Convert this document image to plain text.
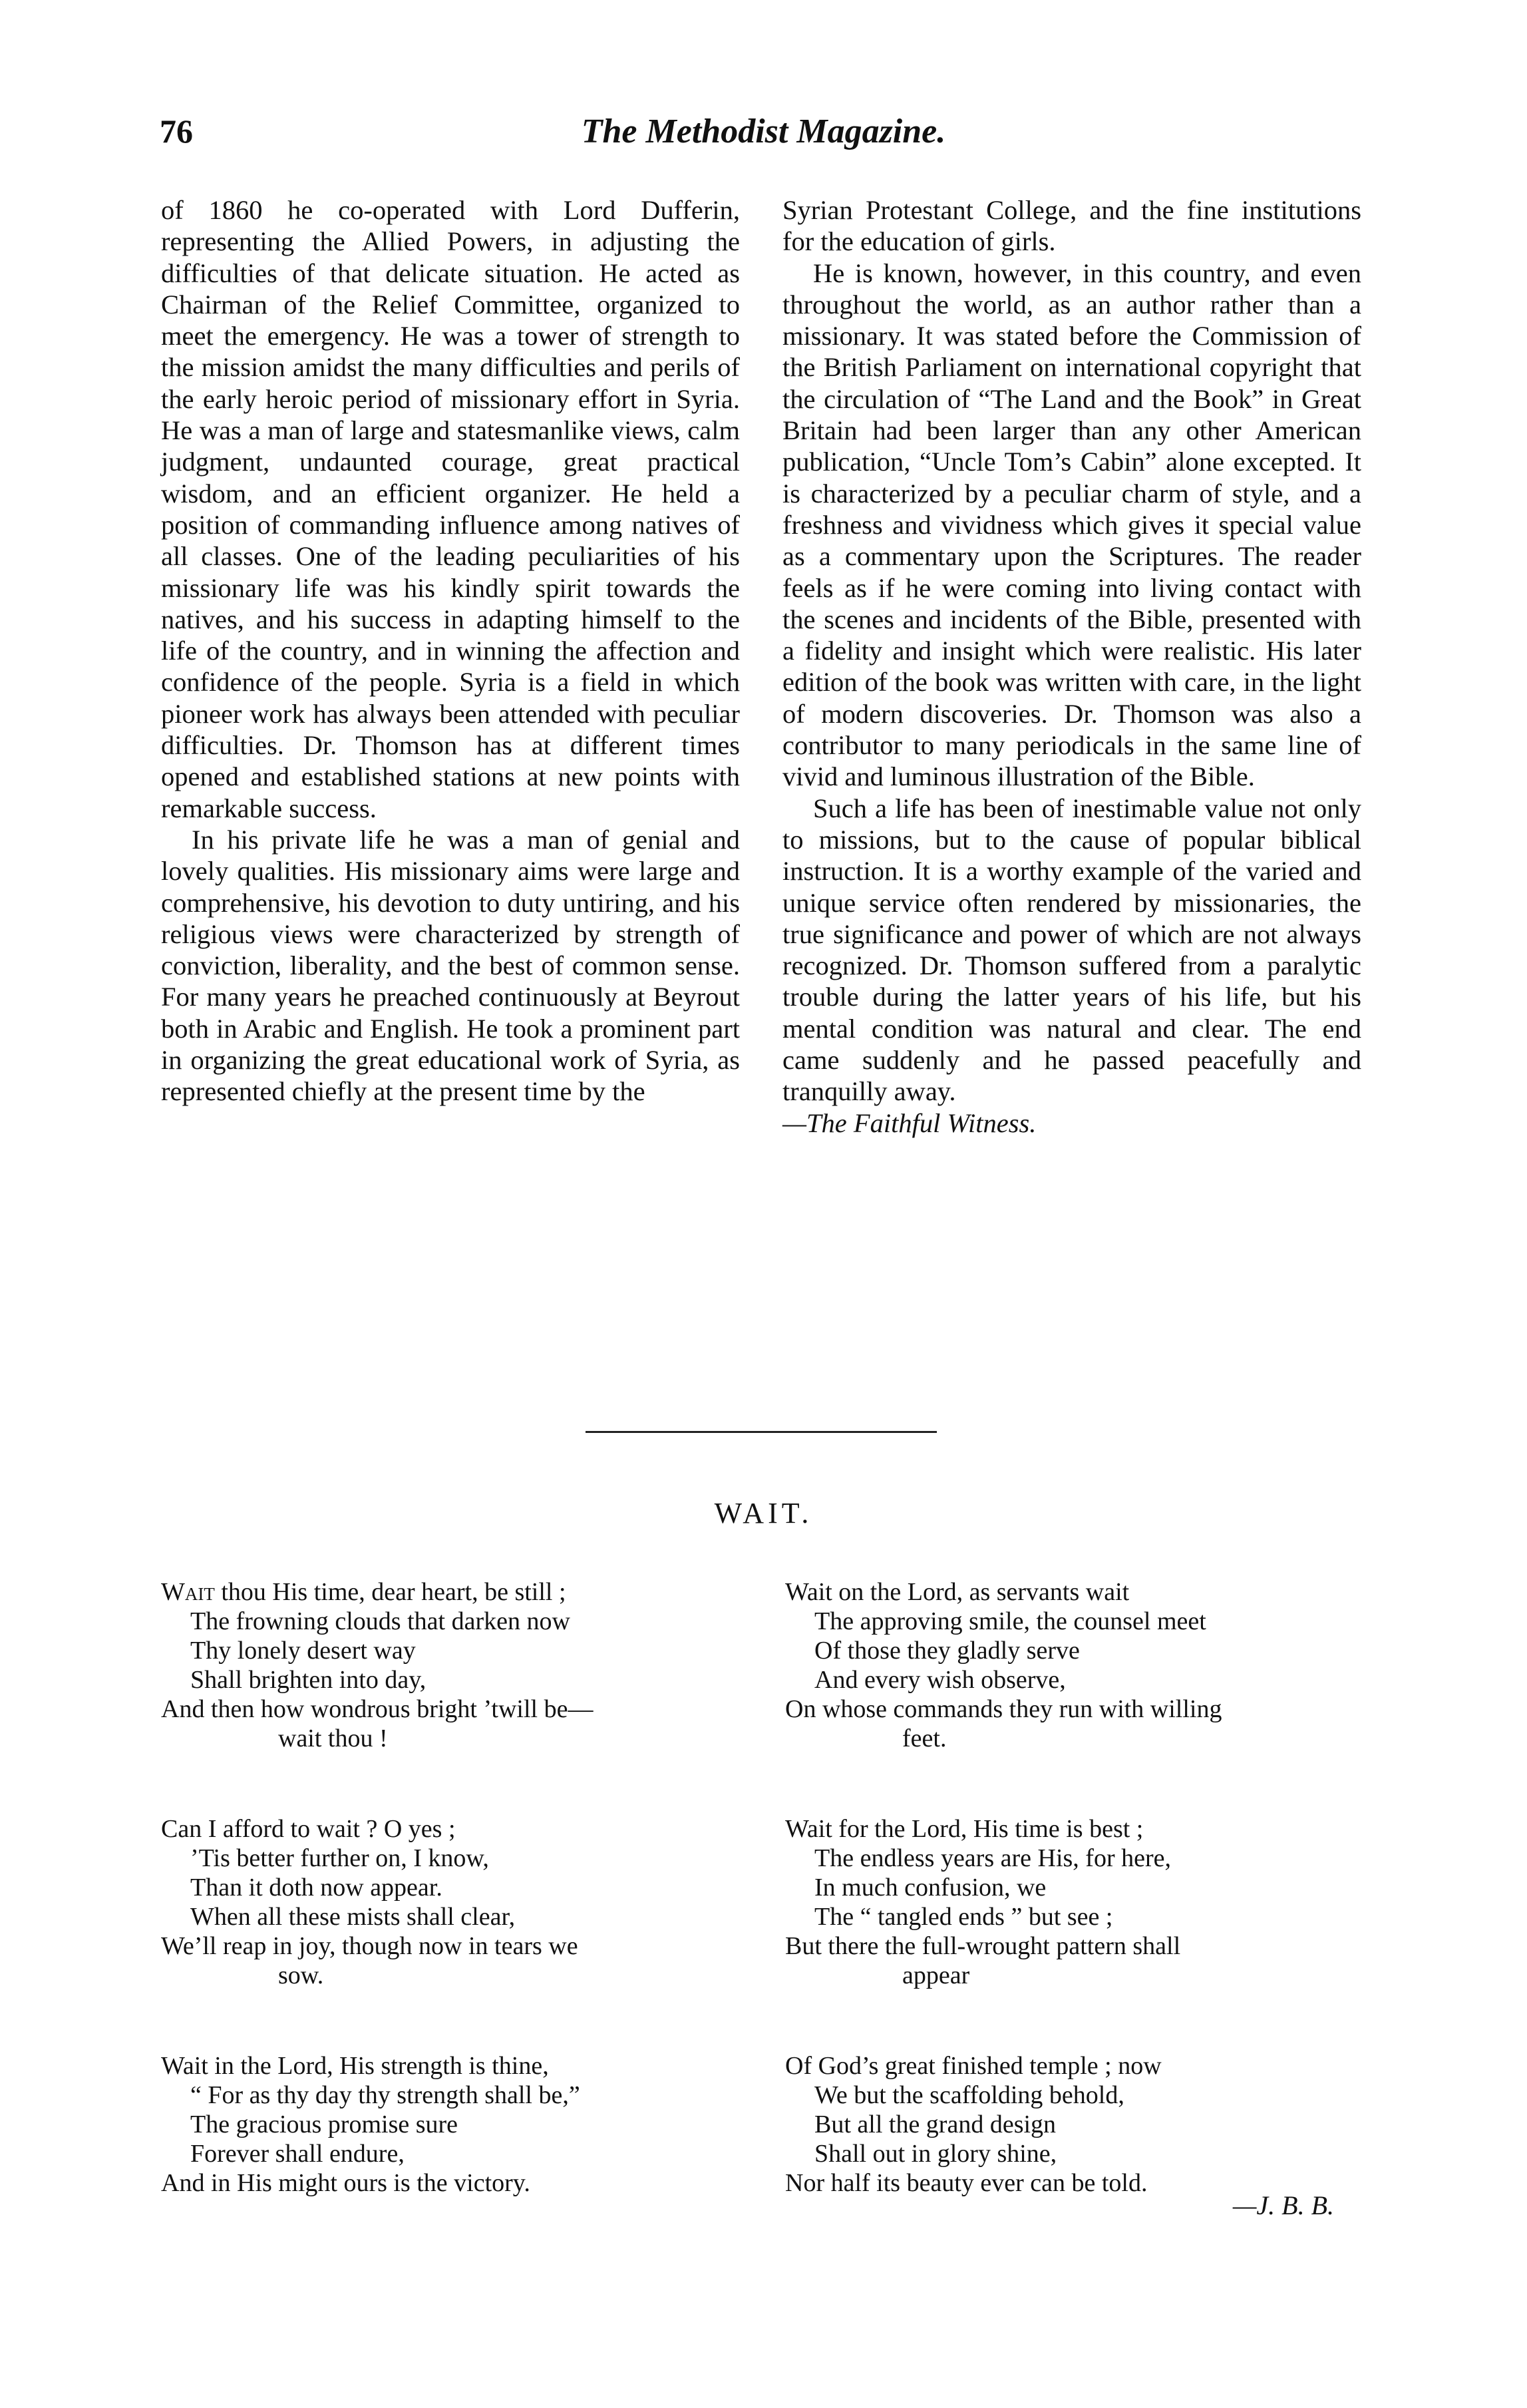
76	The Methodist Magazine.

of 1860 he co-operated with Lord Dufferin, representing the Allied Powers, in adjusting the difficulties of that delicate situation. He acted as Chairman of the Relief Committee, organized to meet the emergency. He was a tower of strength to the mission amidst the many difficulties and perils of the early heroic period of missionary effort in Syria. He was a man of large and statesmanlike views, calm judgment, undaunted courage, great practical wisdom, and an efficient organizer. He held a position of commanding influence among natives of all classes. One of the leading peculiarities of his missionary life was his kindly spirit towards the natives, and his success in adapting himself to the life of the country, and in winning the affection and confidence of the people. Syria is a field in which pioneer work has always been attended with peculiar difficulties. Dr. Thomson has at different times opened and established stations at new points with remarkable success.

In his private life he was a man of genial and lovely qualities. His missionary aims were large and comprehensive, his devotion to duty untiring, and his religious views were characterized by strength of conviction, liberality, and the best of common sense. For many years he preached continuously at Beyrout both in Arabic and English. He took a prominent part in organizing the great educational work of Syria, as represented chiefly at the present time by the

Syrian Protestant College, and the fine institutions for the education of girls.

He is known, however, in this country, and even throughout the world, as an author rather than a missionary. It was stated before the Commission of the British Parliament on international copyright that the circulation of “The Land and the Book” in Great Britain had been larger than any other American publication, “Uncle Tom’s Cabin” alone excepted. It is characterized by a peculiar charm of style, and a freshness and vividness which gives it special value as a commentary upon the Scriptures. The reader feels as if he were coming into living contact with the scenes and incidents of the Bible, presented with a fidelity and insight which were realistic. His later edition of the book was written with care, in the light of modern discoveries. Dr. Thomson was also a contributor to many periodicals in the same line of vivid and luminous illustration of the Bible.

Such a life has been of inestimable value not only to missions, but to the cause of popular biblical instruction. It is a worthy example of the varied and unique service often rendered by missionaries, the true significance and power of which are not always recognized. Dr. Thomson suffered from a paralytic trouble during the latter years of his life, but his mental condition was natural and clear. The end came suddenly and he passed peacefully and tranquilly away.
—The Faithful Witness.

WAIT.
Wait thou His time, dear heart, be still ;
The frowning clouds that darken now
Thy lonely desert way
Shall brighten into day,
And then how wondrous bright ’twill be—
wait thou !
Can I afford to wait ? O yes ;
’Tis better further on, I know,
Than it doth now appear.
When all these mists shall clear,
We’ll reap in joy, though now in tears we
sow.
Wait in the Lord, His strength is thine,
“ For as thy day thy strength shall be,”
The gracious promise sure
Forever shall endure,
And in His might ours is the victory.
Wait on the Lord, as servants wait
The approving smile, the counsel meet
Of those they gladly serve
And every wish observe,
On whose commands they run with willing
feet.
Wait for the Lord, His time is best ;
The endless years are His, for here,
In much confusion, we
The “ tangled ends ” but see ;
But there the full-wrought pattern shall
appear
Of God’s great finished temple ; now
We but the scaffolding behold,
But all the grand design
Shall out in glory shine,
Nor half its beauty ever can be told.
—J. B. B.
